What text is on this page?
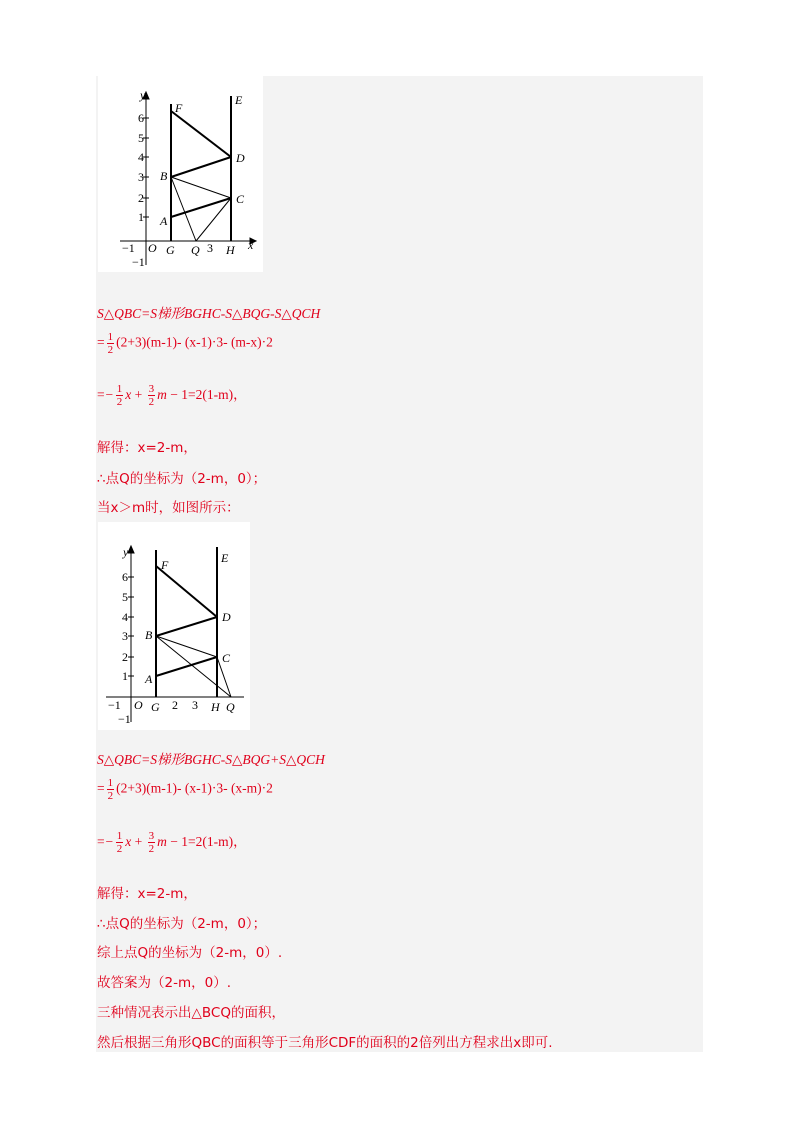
y
x
6
5
4
3
2
1
−1 O
−1
3
F
E
D
C
B
A
G Q H
S△QBC=S梯形BGHC-S△BQG-S△QCH
= $\frac{1}{2} (2+3)(m-1)-$ (x-1)·3- (m-x)·2
=− $\frac{1}{2}$ $x + \frac{3}{2}$ m − 1=2(1-m)，
解得：x=2-m，
∴点Q的坐标为（2-m，0）；
当x＞m时，如图所示：
y
6
5
4
3
2
1
−1 O
−1
2 3
F	E
D
C
B
A
G	H Q
S△QBC=S梯形BGHC-S△BQG+S△QCH
= $\frac{1}{2} (2+3)(m-1)-$ (x-1)·3- (x-m)·2
=− $\frac{1}{2}$ $x + \frac{3}{2}$ m − 1=2(1-m)，
解得：x=2-m，
∴点Q的坐标为（2-m，0）；
综上点Q的坐标为（2-m，0）.
故答案为（2-m，0）.
三种情况表示出△BCQ的面积，
然后根据三角形QBC的面积等于三角形CDF的面积的2倍列出方程求出x即可.
